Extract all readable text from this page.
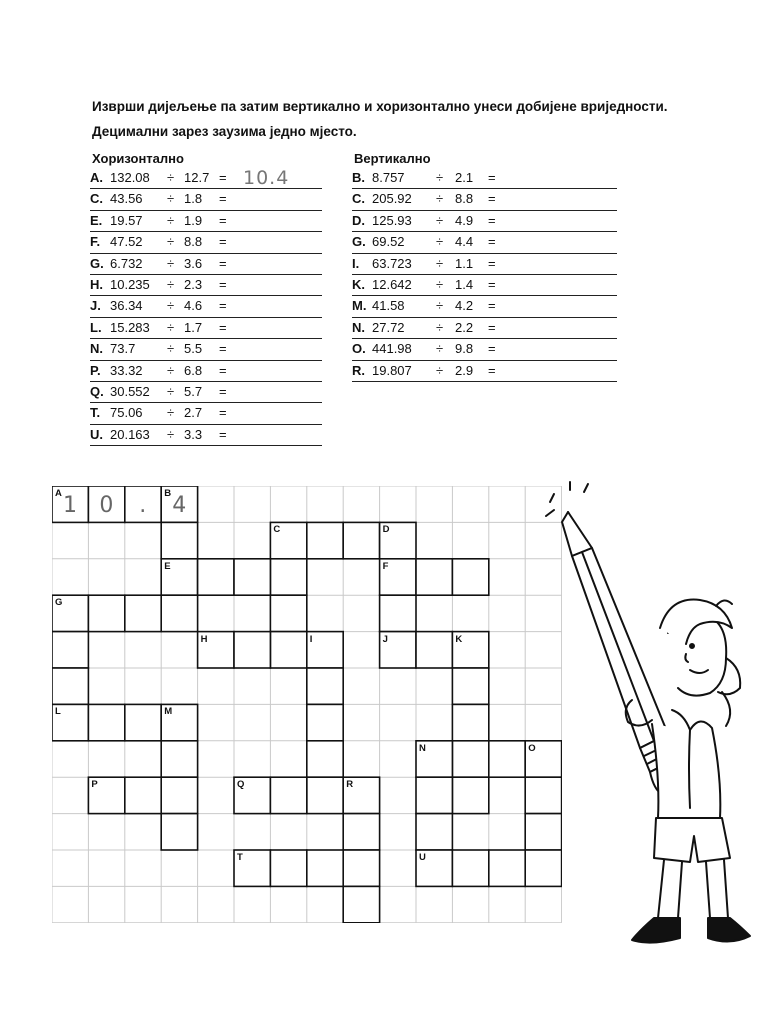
Изврши дијељење па затим вертикално и хоризонтално унеси добијене вриједности.
Децимални зарез заузима једно мјесто.
Хоризонтално
A. 132.08 ÷ 12.7 = 10.4
C. 43.56 ÷ 1.8 =
E. 19.57 ÷ 1.9 =
F. 47.52 ÷ 8.8 =
G. 6.732 ÷ 3.6 =
H. 10.235 ÷ 2.3 =
J. 36.34 ÷ 4.6 =
L. 15.283 ÷ 1.7 =
N. 73.7 ÷ 5.5 =
P. 33.32 ÷ 6.8 =
Q. 30.552 ÷ 5.7 =
T. 75.06 ÷ 2.7 =
U. 20.163 ÷ 3.3 =
Вертикално
B. 8.757 ÷ 2.1 =
C. 205.92 ÷ 8.8 =
D. 125.93 ÷ 4.9 =
G. 69.52 ÷ 4.4 =
I. 63.723 ÷ 1.1 =
K. 12.642 ÷ 1.4 =
M. 41.58 ÷ 4.2 =
N. 27.72 ÷ 2.2 =
O. 441.98 ÷ 9.8 =
R. 19.807 ÷ 2.9 =
A 1	0	.	4
B
C	D
E	F
G
H	I	J	K
L	M
N	O
P	Q	R
T	U
